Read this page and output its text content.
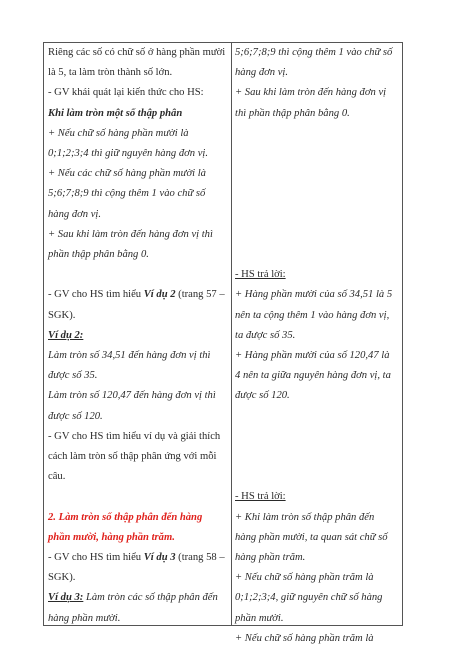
Riêng các số có chữ số ở hàng phần mười
là 5, ta làm tròn thành số lớn.
- GV khái quát lại kiến thức cho HS:
Khi làm tròn một số thập phân
+ Nếu chữ số hàng phần mười là
0;1;2;3;4 thì giữ nguyên hàng đơn vị.
+ Nếu các chữ số hàng phần mười là
5;6;7;8;9 thì cộng thêm 1 vào chữ số
hàng đơn vị.
+ Sau khi làm tròn đến hàng đơn vị thì
phần thập phân bằng 0.

- GV cho HS tìm hiểu Ví dụ 2 (trang 57 –
SGK).
Ví dụ 2:
Làm tròn số 34,51 đến hàng đơn vị thì
được số 35.
Làm tròn số 120,47 đến hàng đơn vị thì
được số 120.
- GV cho HS tìm hiểu ví dụ và giải thích
cách làm tròn số thập phân ứng với mỗi
câu.

2. Làm tròn số thập phân đến hàng
phần mười, hàng phần trăm.
- GV cho HS tìm hiểu Ví dụ 3 (trang 58 –
SGK).
Ví dụ 3: Làm tròn các số thập phân đến
hàng phần mười.
5;6;7;8;9 thì cộng thêm 1 vào chữ số
hàng đơn vị.
+ Sau khi làm tròn đến hàng đơn vị
thì phần thập phân bằng 0.

- HS trả lời:
+ Hàng phần mười của số 34,51 là 5
nên ta cộng thêm 1 vào hàng đơn vị,
ta được số 35.
+ Hàng phần mười của số 120,47 là
4 nên ta giữa nguyên hàng đơn vị, ta
được số 120.

- HS trả lời:
+ Khi làm tròn số thập phân đến
hàng phần mười, ta quan sát chữ số
hàng phần trăm.
+ Nếu chữ số hàng phần trăm là
0;1;2;3;4, giữ nguyên chữ số hàng
phần mười.
+ Nếu chữ số hàng phần trăm là
